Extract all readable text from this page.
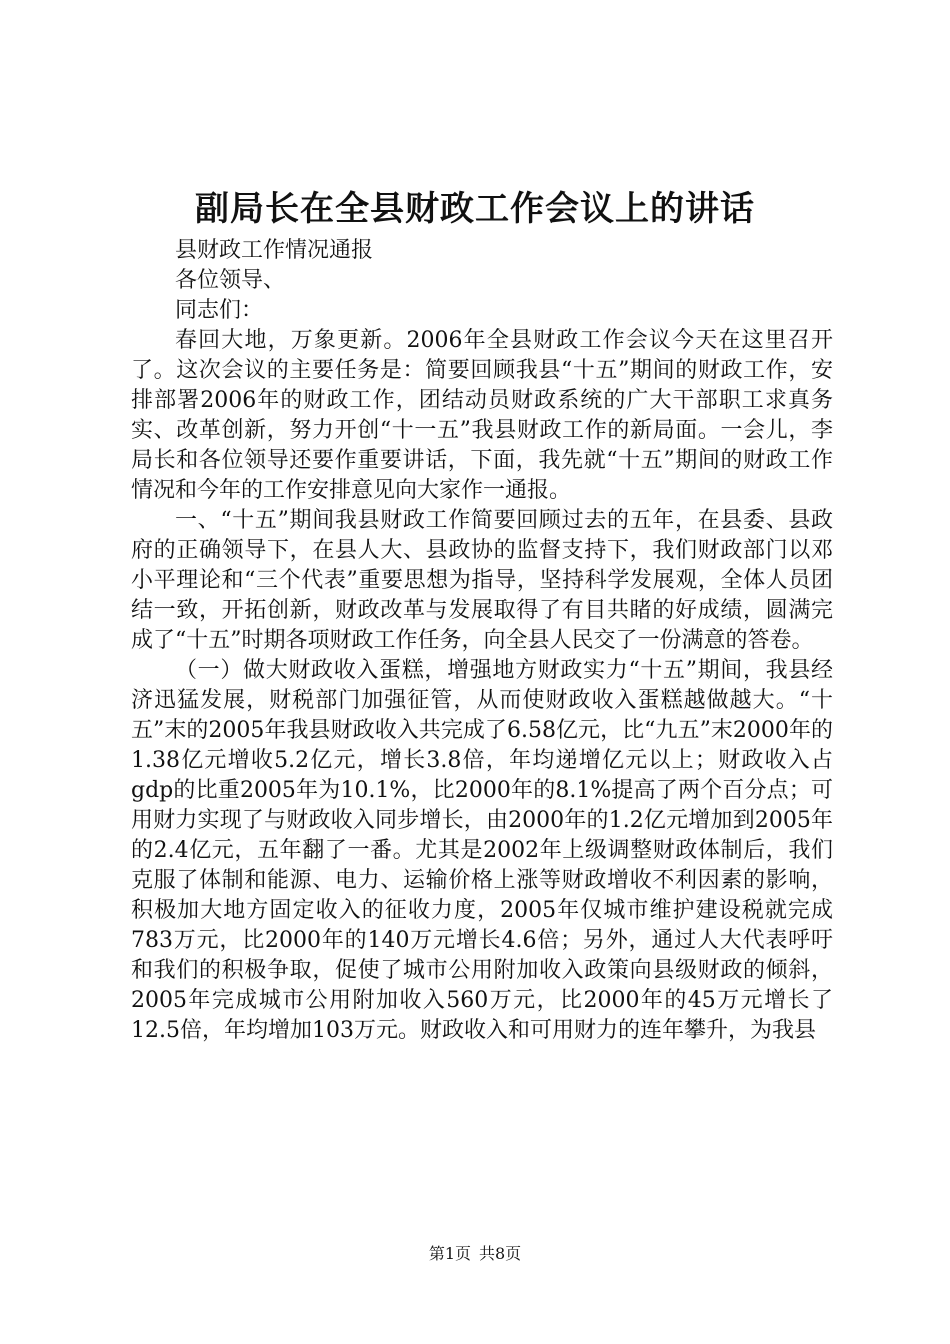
副局长在全县财政工作会议上的讲话

县财政工作情况通报

各位领导、

同志们：

春回大地，万象更新。2006年全县财政工作会议今天在这里召开了。这次会议的主要任务是：简要回顾我县“十五”期间的财政工作，安排部署2006年的财政工作，团结动员财政系统的广大干部职工求真务实、改革创新，努力开创“十一五”我县财政工作的新局面。一会儿，李局长和各位领导还要作重要讲话，下面，我先就“十五”期间的财政工作情况和今年的工作安排意见向大家作一通报。

一、“十五”期间我县财政工作简要回顾过去的五年，在县委、县政府的正确领导下，在县人大、县政协的监督支持下，我们财政部门以邓小平理论和“三个代表”重要思想为指导，坚持科学发展观，全体人员团结一致，开拓创新，财政改革与发展取得了有目共睹的好成绩，圆满完成了“十五”时期各项财政工作任务，向全县人民交了一份满意的答卷。

（一）做大财政收入蛋糕，增强地方财政实力“十五”期间，我县经济迅猛发展，财税部门加强征管，从而使财政收入蛋糕越做越大。“十五”末的2005年我县财政收入共完成了6.58亿元，比“九五”末2000年的1.38亿元增收5.2亿元，增长3.8倍，年均递增亿元以上；财政收入占gdp的比重2005年为10.1%，比2000年的8.1%提高了两个百分点；可用财力实现了与财政收入同步增长，由2000年的1.2亿元增加到2005年的2.4亿元，五年翻了一番。尤其是2002年上级调整财政体制后，我们克服了体制和能源、电力、运输价格上涨等财政增收不利因素的影响，积极加大地方固定收入的征收力度，2005年仅城市维护建设税就完成783万元，比2000年的140万元增长4.6倍；另外，通过人大代表呼吁和我们的积极争取，促使了城市公用附加收入政策向县级财政的倾斜，2005年完成城市公用附加收入560万元，比2000年的45万元增长了12.5倍，年均增加103万元。财政收入和可用财力的连年攀升，为我县

第1页 共8页
